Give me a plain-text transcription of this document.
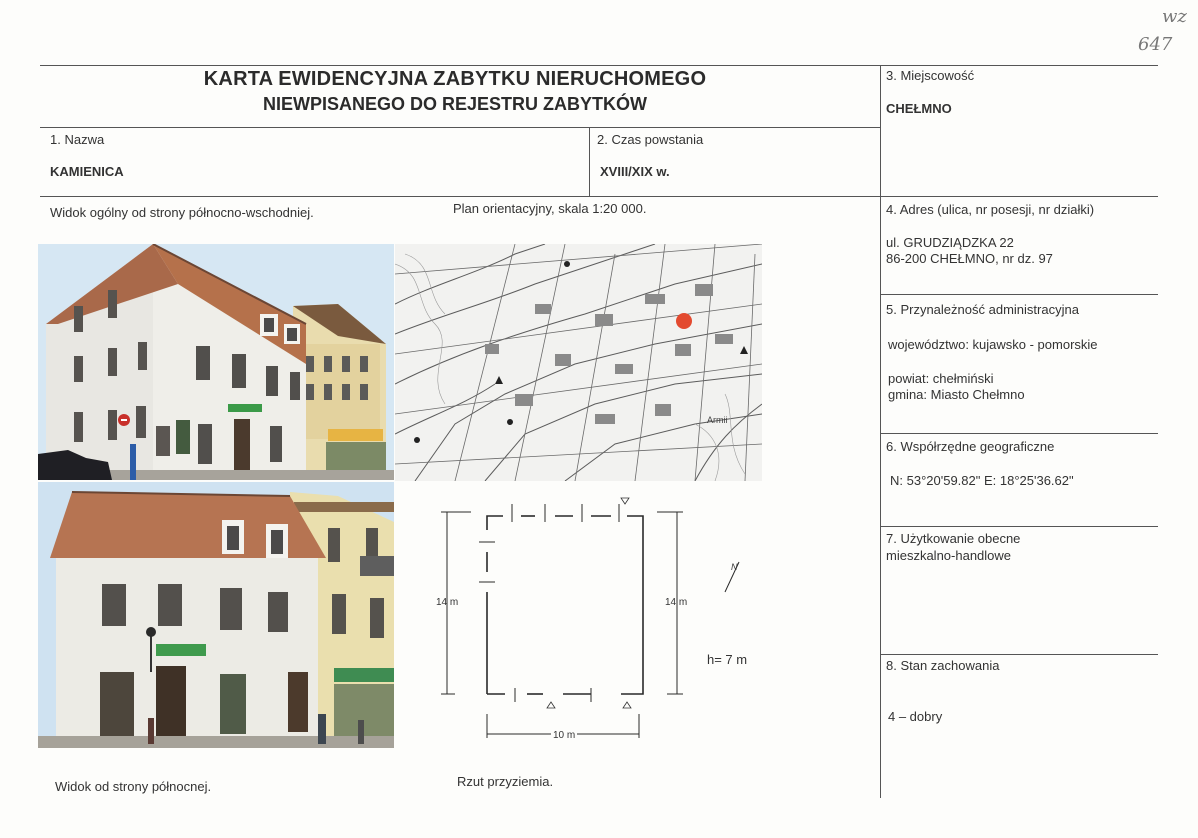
wz
647
KARTA EWIDENCYJNA ZABYTKU NIERUCHOMEGO
NIEWPISANEGO DO REJESTRU ZABYTKÓW
1. Nazwa
KAMIENICA
2. Czas powstania
XVIII/XIX w.
3. Miejscowość
CHEŁMNO
4. Adres (ulica, nr posesji, nr działki)
ul. GRUDZIĄDZKA 22
86-200 CHEŁMNO, nr dz. 97
5. Przynależność administracyjna
województwo: kujawsko - pomorskie
powiat: chełmiński
gmina: Miasto Chełmno
6. Współrzędne geograficzne
N: 53°20'59.82" E: 18°25'36.62"
7. Użytkowanie obecne
mieszkalno-handlowe
8. Stan zachowania
4 – dobry
Widok ogólny od strony północno-wschodniej.	Plan orientacyjny, skala 1:20 000.
Widok od strony północnej.	Rzut przyziemia.
Armii
14 m	14 m
10 m
h= 7 m
N
